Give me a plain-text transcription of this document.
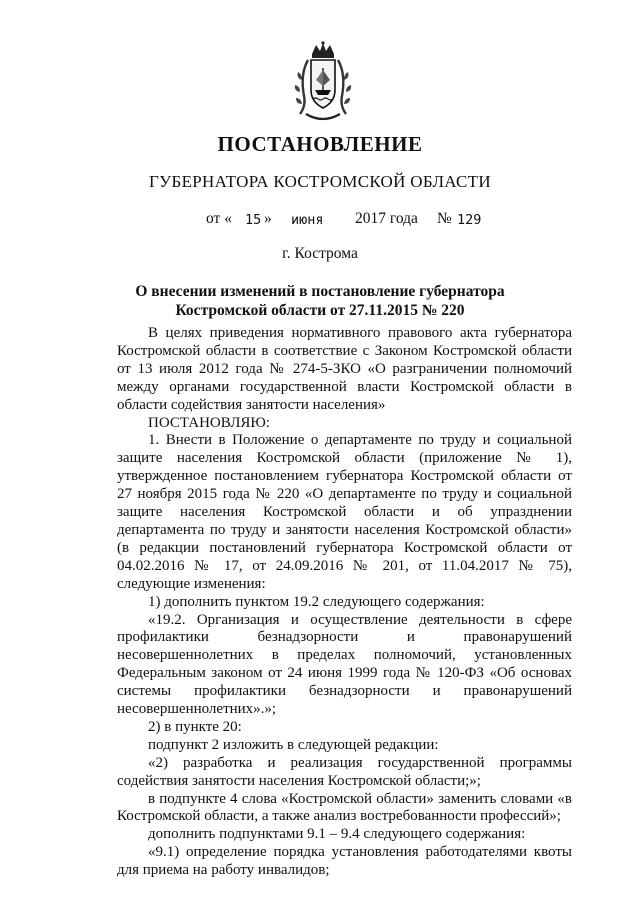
ПОСТАНОВЛЕНИЕ
ГУБЕРНАТОРА КОСТРОМСКОЙ ОБЛАСТИ
от « 15 » июня 2017 года № 129
г. Кострома
О внесении изменений в постановление губернатора
Костромской области от 27.11.2015 № 220

В целях приведения нормативного правового акта губернатора Костромской области в соответствие с Законом Костромской области от 13 июля 2012 года № 274-5-ЗКО «О разграничении полномочий между органами государственной власти Костромской области в области содействия занятости населения»

ПОСТАНОВЛЯЮ:

1. Внести в Положение о департаменте по труду и социальной защите населения Костромской области (приложение № 1), утвержденное постановлением губернатора Костромской области от 27 ноября 2015 года № 220 «О департаменте по труду и социальной защите населения Костромской области и об упразднении департамента по труду и занятости населения Костромской области» (в редакции постановлений губернатора Костромской области от 04.02.2016 № 17, от 24.09.2016 № 201, от 11.04.2017 № 75), следующие изменения:

1) дополнить пунктом 19.2 следующего содержания:

«19.2. Организация и осуществление деятельности в сфере профилактики безнадзорности и правонарушений несовершеннолетних в пределах полномочий, установленных Федеральным законом от 24 июня 1999 года № 120-ФЗ «Об основах системы профилактики безнадзорности и правонарушений несовершеннолетних».»;

2) в пункте 20:

подпункт 2 изложить в следующей редакции:

«2) разработка и реализация государственной программы содействия занятости населения Костромской области;»;

в подпункте 4 слова «Костромской области» заменить словами «в Костромской области, а также анализ востребованности профессий»;

дополнить подпунктами 9.1 – 9.4 следующего содержания:

«9.1) определение порядка установления работодателями квоты для приема на работу инвалидов;
